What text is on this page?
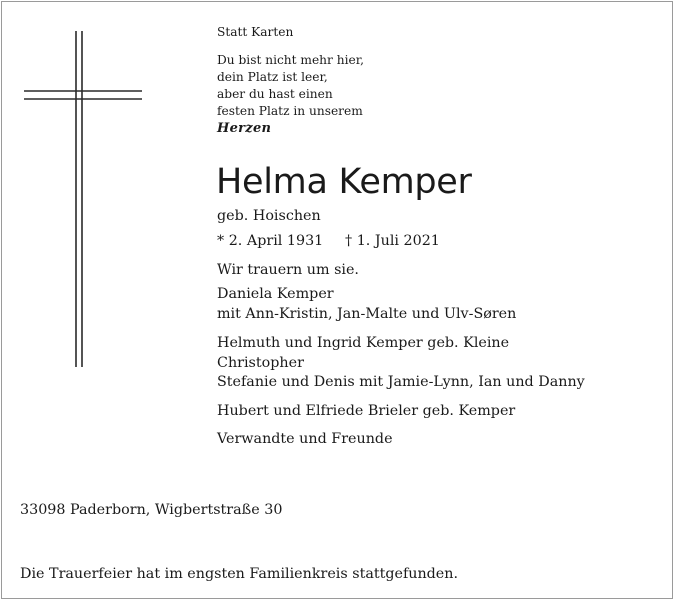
Statt Karten
Du bist nicht mehr hier,
dein Platz ist leer,
aber du hast einen
festen Platz in unserem
Herzen
Helma Kemper
geb. Hoischen
* 2. April 1931 † 1. Juli 2021
Wir trauern um sie.
Daniela Kemper
mit Ann-Kristin, Jan-Malte und Ulv-Søren
Helmuth und Ingrid Kemper geb. Kleine
Christopher
Stefanie und Denis mit Jamie-Lynn, Ian und Danny
Hubert und Elfriede Brieler geb. Kemper
Verwandte und Freunde
33098 Paderborn, Wigbertstraße 30
Die Trauerfeier hat im engsten Familienkreis stattgefunden.
